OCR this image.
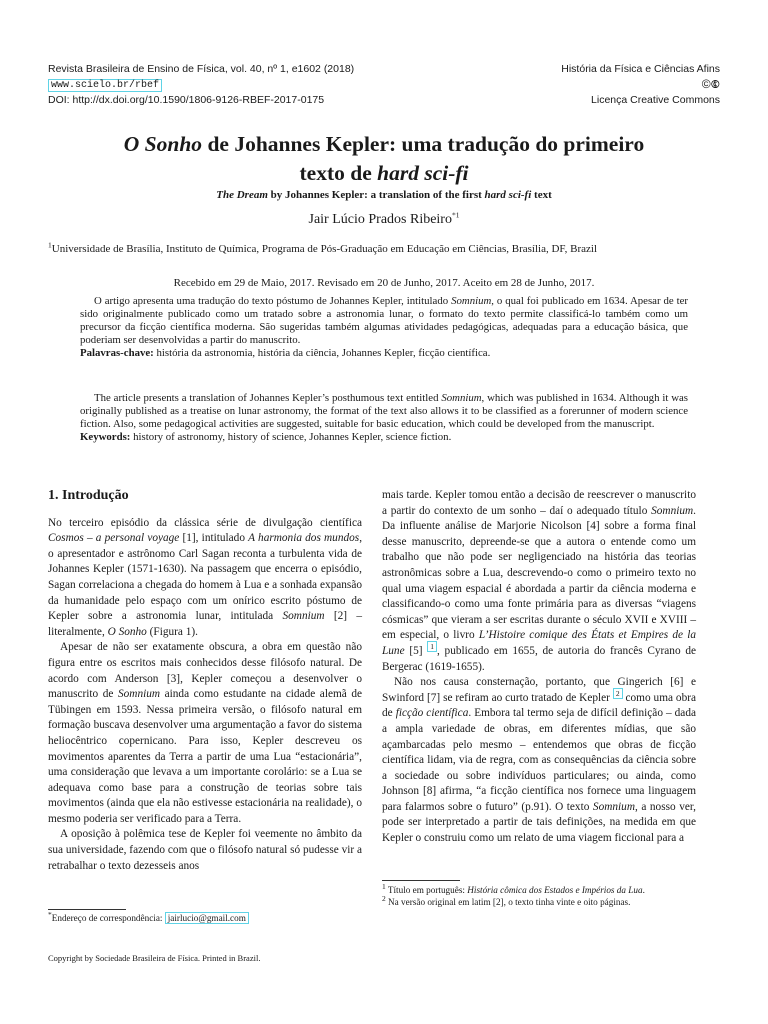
Revista Brasileira de Ensino de Física, vol. 40, nº 1, e1602 (2018)
www.scielo.br/rbef
DOI: http://dx.doi.org/10.1590/1806-9126-RBEF-2017-0175
História da Física e Ciências Afins
©🅮
Licença Creative Commons
O Sonho de Johannes Kepler: uma tradução do primeiro
texto de hard sci-fi
The Dream by Johannes Kepler: a translation of the first hard sci-fi text
Jair Lúcio Prados Ribeiro$^{*1}$
$^1$Universidade de Brasília, Instituto de Química, Programa de Pós-Graduação em Educação em Ciências, Brasília, DF, Brazil
Recebido em 29 de Maio, 2017. Revisado em 20 de Junho, 2017. Aceito em 28 de Junho, 2017.

O artigo apresenta uma tradução do texto póstumo de Johannes Kepler, intitulado Somnium, o qual foi publicado em 1634. Apesar de ter sido originalmente publicado como um tratado sobre a astronomia lunar, o formato do texto permite classificá-lo também como um precursor da ficção científica moderna. São sugeridas também algumas atividades pedagógicas, adequadas para a educação básica, que poderiam ser desenvolvidas a partir do manuscrito.

Palavras-chave: história da astronomia, história da ciência, Johannes Kepler, ficção científica.

The article presents a translation of Johannes Kepler’s posthumous text entitled Somnium, which was published in 1634. Although it was originally published as a treatise on lunar astronomy, the format of the text also allows it to be classified as a forerunner of modern science fiction. Also, some pedagogical activities are suggested, suitable for basic education, which could be developed from the manuscript.

Keywords: history of astronomy, history of science, Johannes Kepler, science fiction.

1. Introdução

No terceiro episódio da clássica série de divulgação científica Cosmos – a personal voyage [1], intitulado A harmonia dos mundos, o apresentador e astrônomo Carl Sagan reconta a turbulenta vida de Johannes Kepler (1571-1630). Na passagem que encerra o episódio, Sagan correlaciona a chegada do homem à Lua e a sonhada expansão da humanidade pelo espaço com um onírico escrito póstumo de Kepler sobre a astronomia lunar, intitulada Somnium [2] – literalmente, O Sonho (Figura 1).

Apesar de não ser exatamente obscura, a obra em questão não figura entre os escritos mais conhecidos desse filósofo natural. De acordo com Anderson [3], Kepler começou a desenvolver o manuscrito de Somnium ainda como estudante na cidade alemã de Tübingen em 1593. Nessa primeira versão, o filósofo natural em formação buscava desenvolver uma argumentação a favor do sistema heliocêntrico copernicano. Para isso, Kepler descreveu os movimentos aparentes da Terra a partir de uma Lua “estacionária”, uma consideração que levava a um importante corolário: se a Lua se adequava como base para a construção de teorias sobre tais movimentos (ainda que ela não estivesse estacionária na realidade), o mesmo poderia ser verificado para a Terra.

A oposição à polêmica tese de Kepler foi veemente no âmbito da sua universidade, fazendo com que o filósofo natural só pudesse vir a retrabalhar o texto dezesseis anos

*Endereço de correspondência: jairlucio@gmail.com

mais tarde. Kepler tomou então a decisão de reescrever o manuscrito a partir do contexto de um sonho – daí o adequado título Somnium. Da influente análise de Marjorie Nicolson [4] sobre a forma final desse manuscrito, depreende-se que a autora o entende como um trabalho que não pode ser negligenciado na história das teorias astronômicas sobre a Lua, descrevendo-o como o primeiro texto no qual uma viagem espacial é abordada a partir da ciência moderna e classificando-o como uma fonte primária para as diversas “viagens cósmicas” que vieram a ser escritas durante o século XVII e XVIII – em especial, o livro L’Histoire comique des États et Empires de la Lune [5] $^1$ , publicado em 1655, de autoria do francês Cyrano de Bergerac (1619-1655).

Não nos causa consternação, portanto, que Gingerich [6] e Swinford [7] se refiram ao curto tratado de Kepler $^2$ como uma obra de ficção científica. Embora tal termo seja de difícil definição – dada a ampla variedade de obras, em diferentes mídias, que são açambarcadas pelo mesmo – entendemos que obras de ficção científica lidam, via de regra, com as consequências da ciência sobre a sociedade ou sobre indivíduos particulares; ou ainda, como Johnson [8] afirma, “a ficção científica nos fornece uma linguagem para falarmos sobre o futuro” (p.91). O texto Somnium, a nosso ver, pode ser interpretado a partir de tais definições, na medida em que Kepler o construiu como um relato de uma viagem ficcional para a

$^1$ Título em português: História cômica dos Estados e Impérios da Lua.
$^2$ Na versão original em latim [2], o texto tinha vinte e oito páginas.
Copyright by Sociedade Brasileira de Física. Printed in Brazil.
